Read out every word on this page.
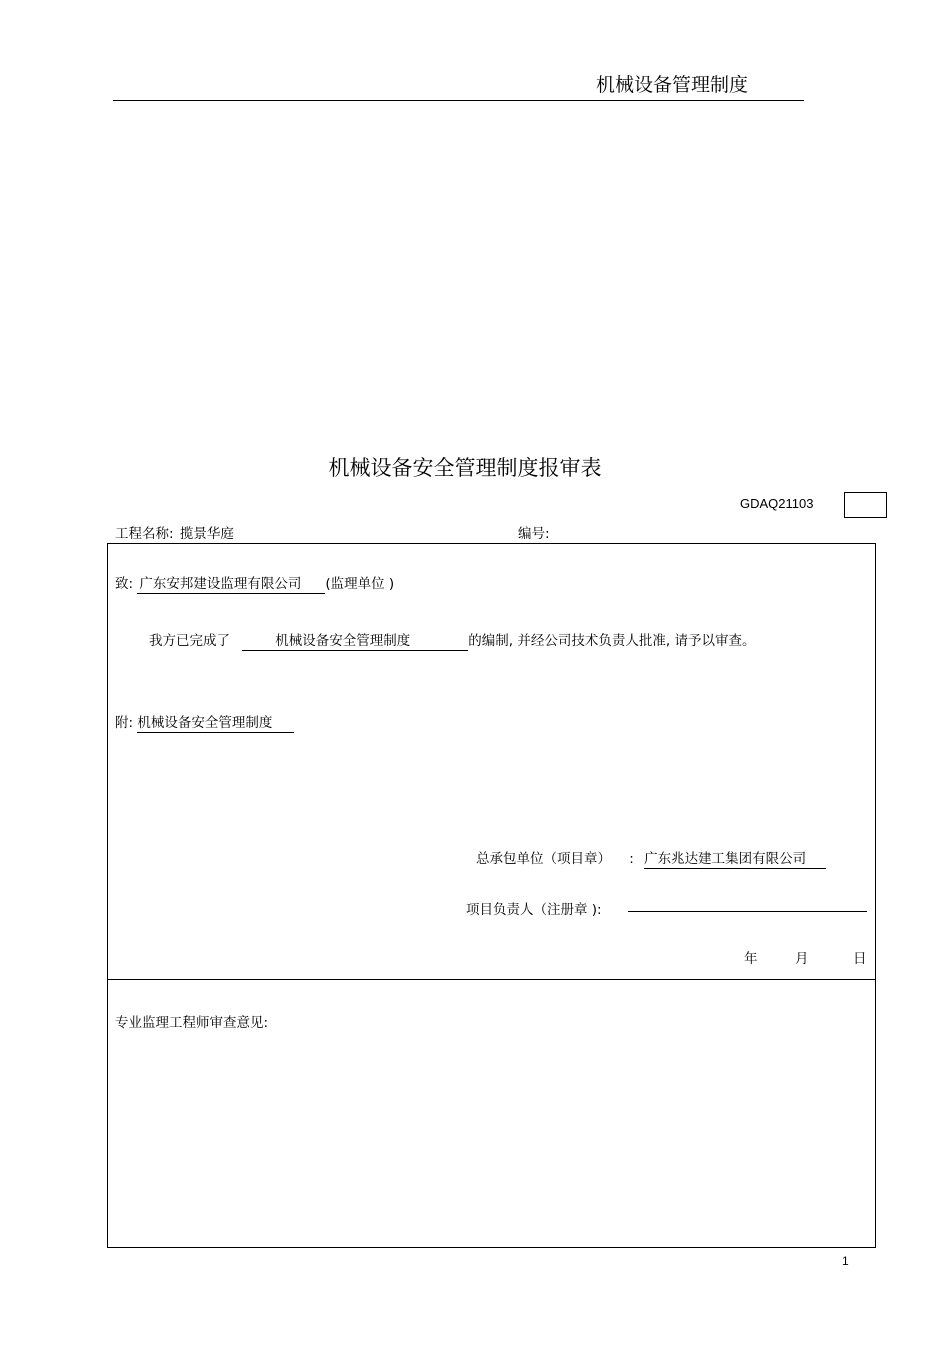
机械设备管理制度
机械设备安全管理制度报审表
GDAQ21103
工程名称: 揽景华庭	编号:
致: 广东安邦建设监理有限公司 (监理单位 )
我方已完成了	机械设备安全管理制度	的编制, 并经公司技术负责人批准, 请予以审查。
附: 机械设备安全管理制度
总承包单位（项目章） : 广东兆达建工集团有限公司
项目负责人（注册章 ):
年	月	日
专业监理工程师审查意见:
1
